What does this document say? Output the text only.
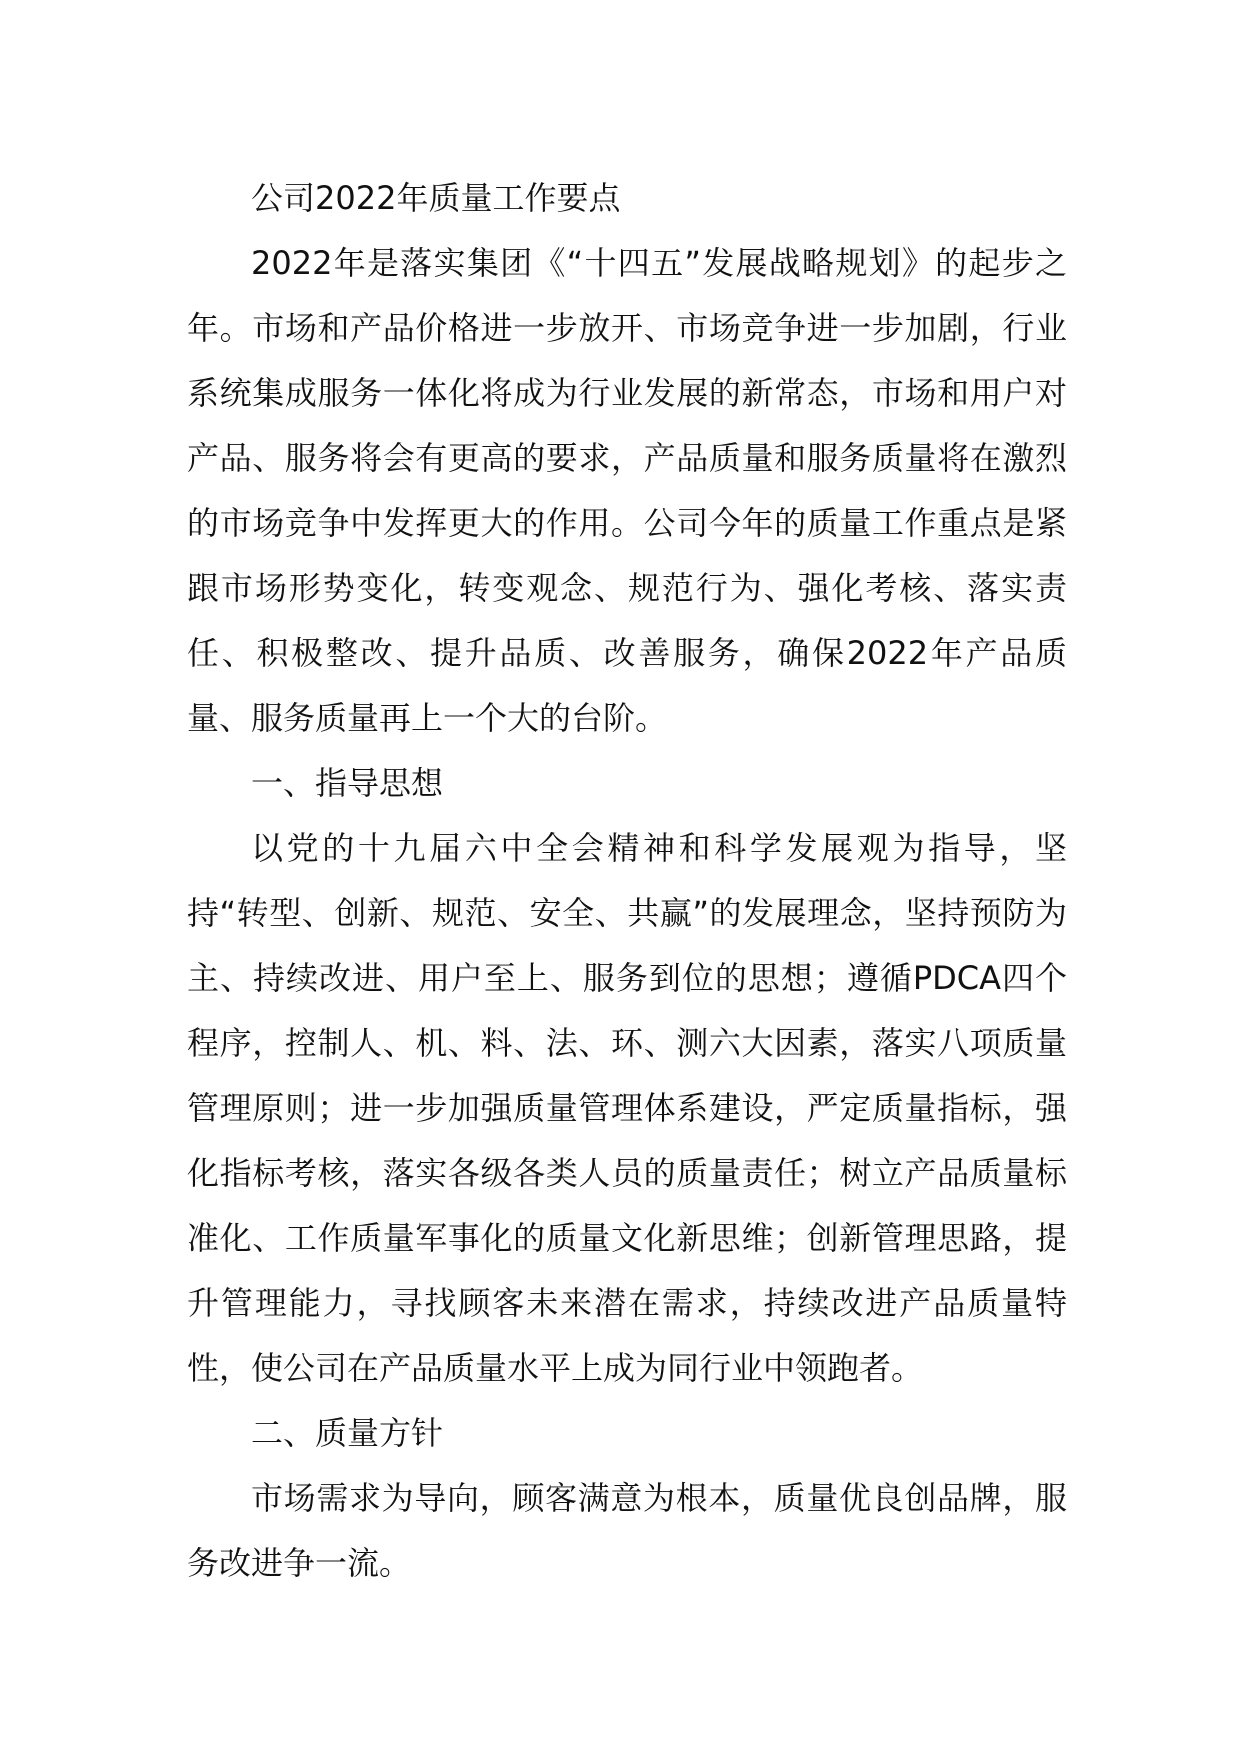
公司2022年质量工作要点

2022年是落实集团《“十四五”发展战略规划》的起步之年。市场和产品价格进一步放开、市场竞争进一步加剧，行业系统集成服务一体化将成为行业发展的新常态，市场和用户对产品、服务将会有更高的要求，产品质量和服务质量将在激烈的市场竞争中发挥更大的作用。公司今年的质量工作重点是紧跟市场形势变化，转变观念、规范行为、强化考核、落实责任、积极整改、提升品质、改善服务，确保2022年产品质量、服务质量再上一个大的台阶。

一、指导思想

以党的十九届六中全会精神和科学发展观为指导，坚持“转型、创新、规范、安全、共赢”的发展理念，坚持预防为主、持续改进、用户至上、服务到位的思想；遵循PDCA四个程序，控制人、机、料、法、环、测六大因素，落实八项质量管理原则；进一步加强质量管理体系建设，严定质量指标，强化指标考核，落实各级各类人员的质量责任；树立产品质量标准化、工作质量军事化的质量文化新思维；创新管理思路，提升管理能力，寻找顾客未来潜在需求，持续改进产品质量特性，使公司在产品质量水平上成为同行业中领跑者。

二、质量方针

市场需求为导向，顾客满意为根本，质量优良创品牌，服务改进争一流。
